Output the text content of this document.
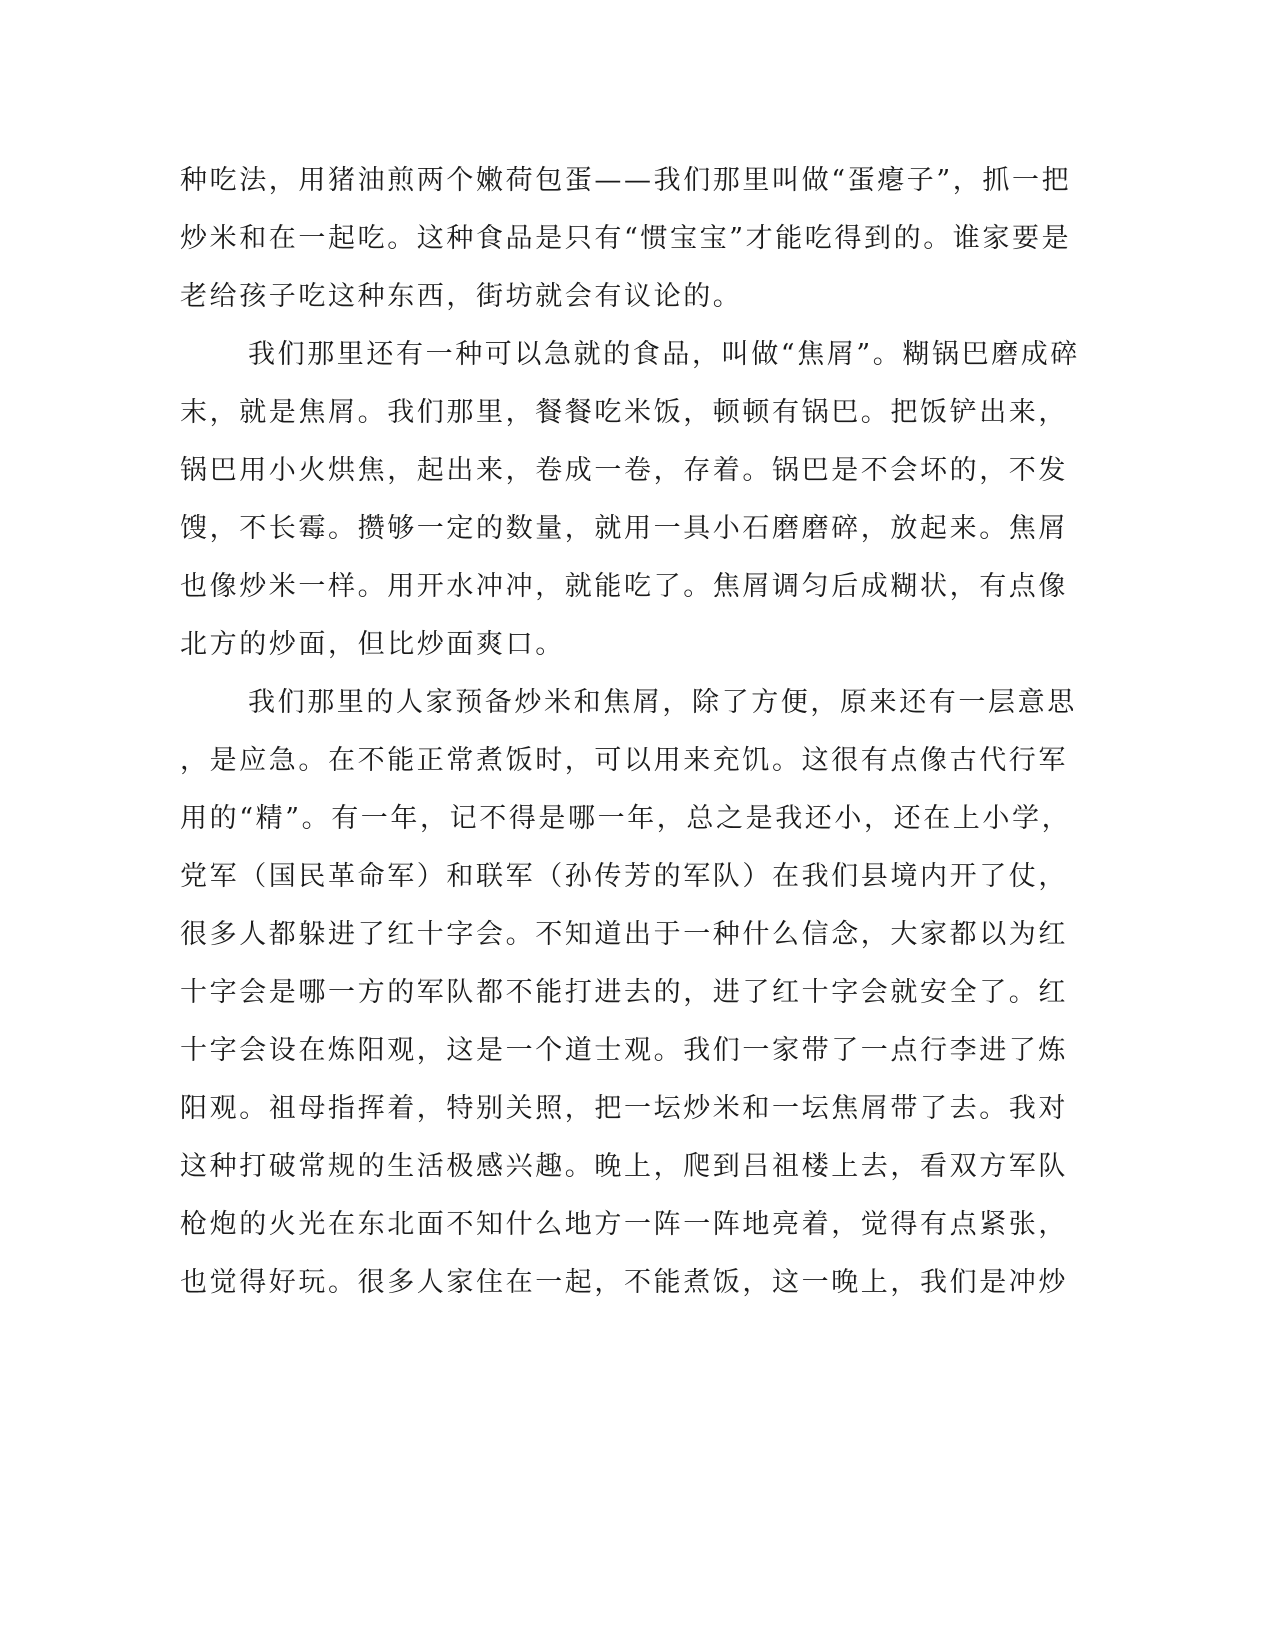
种吃法，用猪油煎两个嫩荷包蛋——我们那里叫做“蛋瘪子”，抓一把

炒米和在一起吃。这种食品是只有“惯宝宝”才能吃得到的。谁家要是

老给孩子吃这种东西，街坊就会有议论的。

我们那里还有一种可以急就的食品，叫做“焦屑”。糊锅巴磨成碎

末，就是焦屑。我们那里，餐餐吃米饭，顿顿有锅巴。把饭铲出来，

锅巴用小火烘焦，起出来，卷成一卷，存着。锅巴是不会坏的，不发

馊，不长霉。攒够一定的数量，就用一具小石磨磨碎，放起来。焦屑

也像炒米一样。用开水冲冲，就能吃了。焦屑调匀后成糊状，有点像

北方的炒面，但比炒面爽口。

我们那里的人家预备炒米和焦屑，除了方便，原来还有一层意思

，是应急。在不能正常煮饭时，可以用来充饥。这很有点像古代行军

用的“精”。有一年，记不得是哪一年，总之是我还小，还在上小学，

党军（国民革命军）和联军（孙传芳的军队）在我们县境内开了仗，

很多人都躲进了红十字会。不知道出于一种什么信念，大家都以为红

十字会是哪一方的军队都不能打进去的，进了红十字会就安全了。红

十字会设在炼阳观，这是一个道士观。我们一家带了一点行李进了炼

阳观。祖母指挥着，特别关照，把一坛炒米和一坛焦屑带了去。我对

这种打破常规的生活极感兴趣。晚上，爬到吕祖楼上去，看双方军队

枪炮的火光在东北面不知什么地方一阵一阵地亮着，觉得有点紧张，

也觉得好玩。很多人家住在一起，不能煮饭，这一晚上，我们是冲炒
